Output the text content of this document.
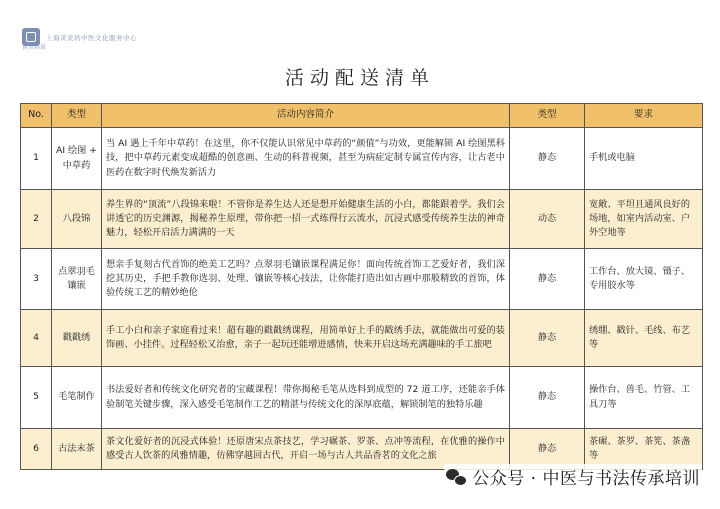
上海黄炎培中医文化服务中心
黄炎培说
活动配送清单
No.	类型	活动内容简介	类型	要求
1	AI 绘图 + 中草药	当 AI 遇上千年中草药！在这里，你不仅能认识常见中草药的“颜值”与功效，更能解锁 AI 绘图黑科技，把中草药元素变成超酷的创意画、生动的科普视频，甚至为病症定制专属宣传内容，让古老中医药在数字时代焕发新活力	静态	手机或电脑
2	八段锦	养生界的“顶流”八段锦来啦！不管你是养生达人还是想开始健康生活的小白，都能跟着学。我们会讲透它的历史渊源，揭秘养生原理，带你把一招一式练得行云流水，沉浸式感受传统养生法的神奇魅力，轻松开启活力满满的一天	动态	宽敞、平坦且通风良好的场地，如室内活动室、户外空地等
3	点翠羽毛镶嵌	想亲手复刻古代首饰的绝美工艺吗？点翠羽毛镶嵌课程满足你！面向传统首饰工艺爱好者，我们深挖其历史，手把手教你选羽、处理、镶嵌等核心技法，让你能打造出如古画中那般精致的首饰，体验传统工艺的精妙绝伦	静态	工作台、放大镜、镊子、专用胶水等
4	戳戳绣	手工小白和亲子家庭看过来！超有趣的戳戳绣课程，用简单好上手的戳绣手法，就能做出可爱的装饰画、小挂件。过程轻松又治愈，亲子一起玩还能增进感情，快来开启这场充满趣味的手工旅吧	静态	绣绷、戳针、毛线、布艺等
5	毛笔制作	书法爱好者和传统文化研究者的宝藏课程！带你揭秘毛笔从选料到成型的 72 道工序，还能亲手体验制笔关键步骤，深入感受毛笔制作工艺的精湛与传统文化的深厚底蕴，解锁制笔的独特乐趣	静态	操作台、兽毛、竹管、工具刀等
6	古法末茶	茶文化爱好者的沉浸式体验！还原唐宋点茶技艺，学习碾茶、罗茶、点冲等流程，在优雅的操作中感受古人饮茶的风雅情趣，仿佛穿越回古代，开启一场与古人共品香茗的文化之旅	静态	茶碾、茶罗、茶筅、茶盏等
公众号 · 中医与书法传承培训
